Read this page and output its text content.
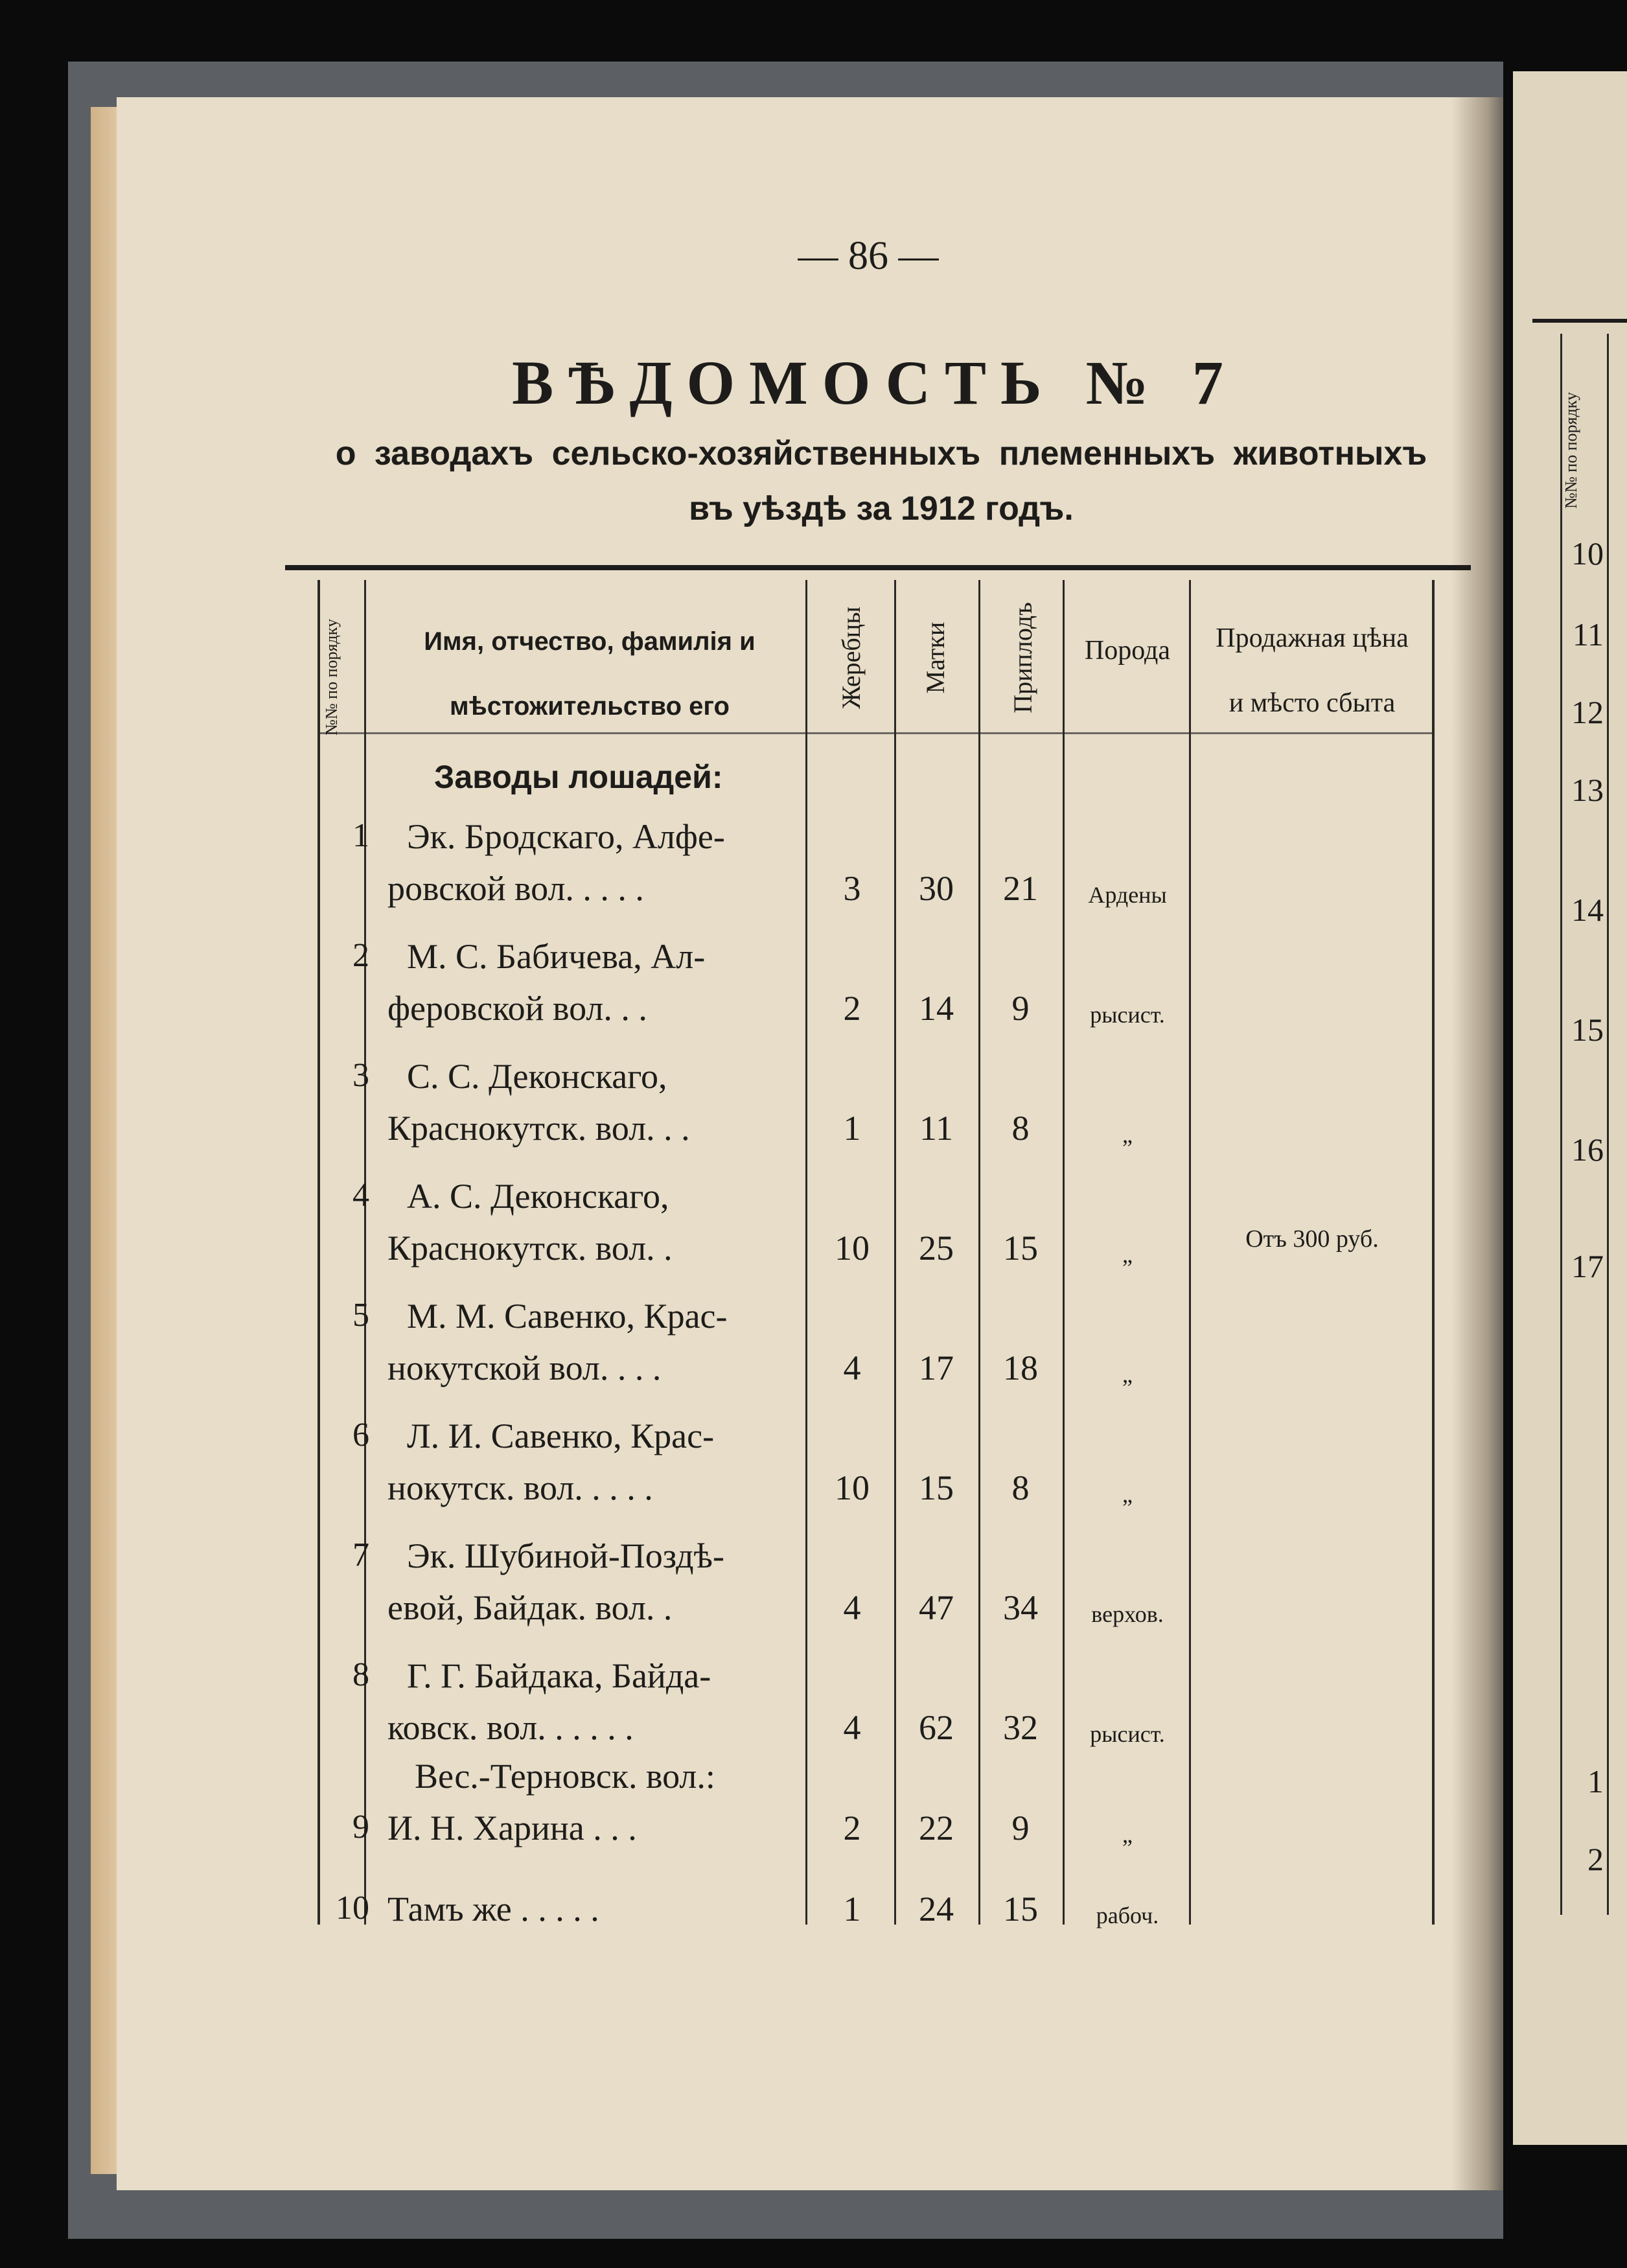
— 86 —
ВѢДОМОСТЬ № 7
о заводахъ сельско-хозяйственныхъ племенныхъ животныхъ
въ уѣздѣ за 1912 годъ.
№№ по порядку	Имя, отчество, фамилія и
мѣстожительство его	Жеребцы Матки Приплодъ	Порода	Продажная цѣна
и мѣсто сбыта
Заводы лошадей:
1 Эк. Бродскаго, Алфе-
ровской вол. . . . .	3	30	21	Ардены
2 М. С. Бабичева, Ал-
феровской вол. . .	2	14	9	рысист.
3 С. С. Деконскаго,
Краснокутск. вол. . .	1	11	8	„
4 А. С. Деконскаго,
Краснокутск. вол. .	10	25	15	„
5 М. М. Савенко, Крас-
нокутской вол. . . .	4	17	18	„
6 Л. И. Савенко, Крас-
нокутск. вол. . . . .	10	15	8	„
7 Эк. Шубиной-Поздѣ-
евой, Байдак. вол. .	4	47	34	верхов.
8 Г. Г. Байдака, Байда-
ковск. вол. . . . . .	4	62	32	рысист.
Вес.-Терновск. вол.:
9 И. Н. Харина . . .	2	22	9	„
10 Тамъ же . . . . .	1	24	15	рабоч.
Отъ 300 руб.
№№ по порядку
10
11
12
13
14
15
16
17
1
2
